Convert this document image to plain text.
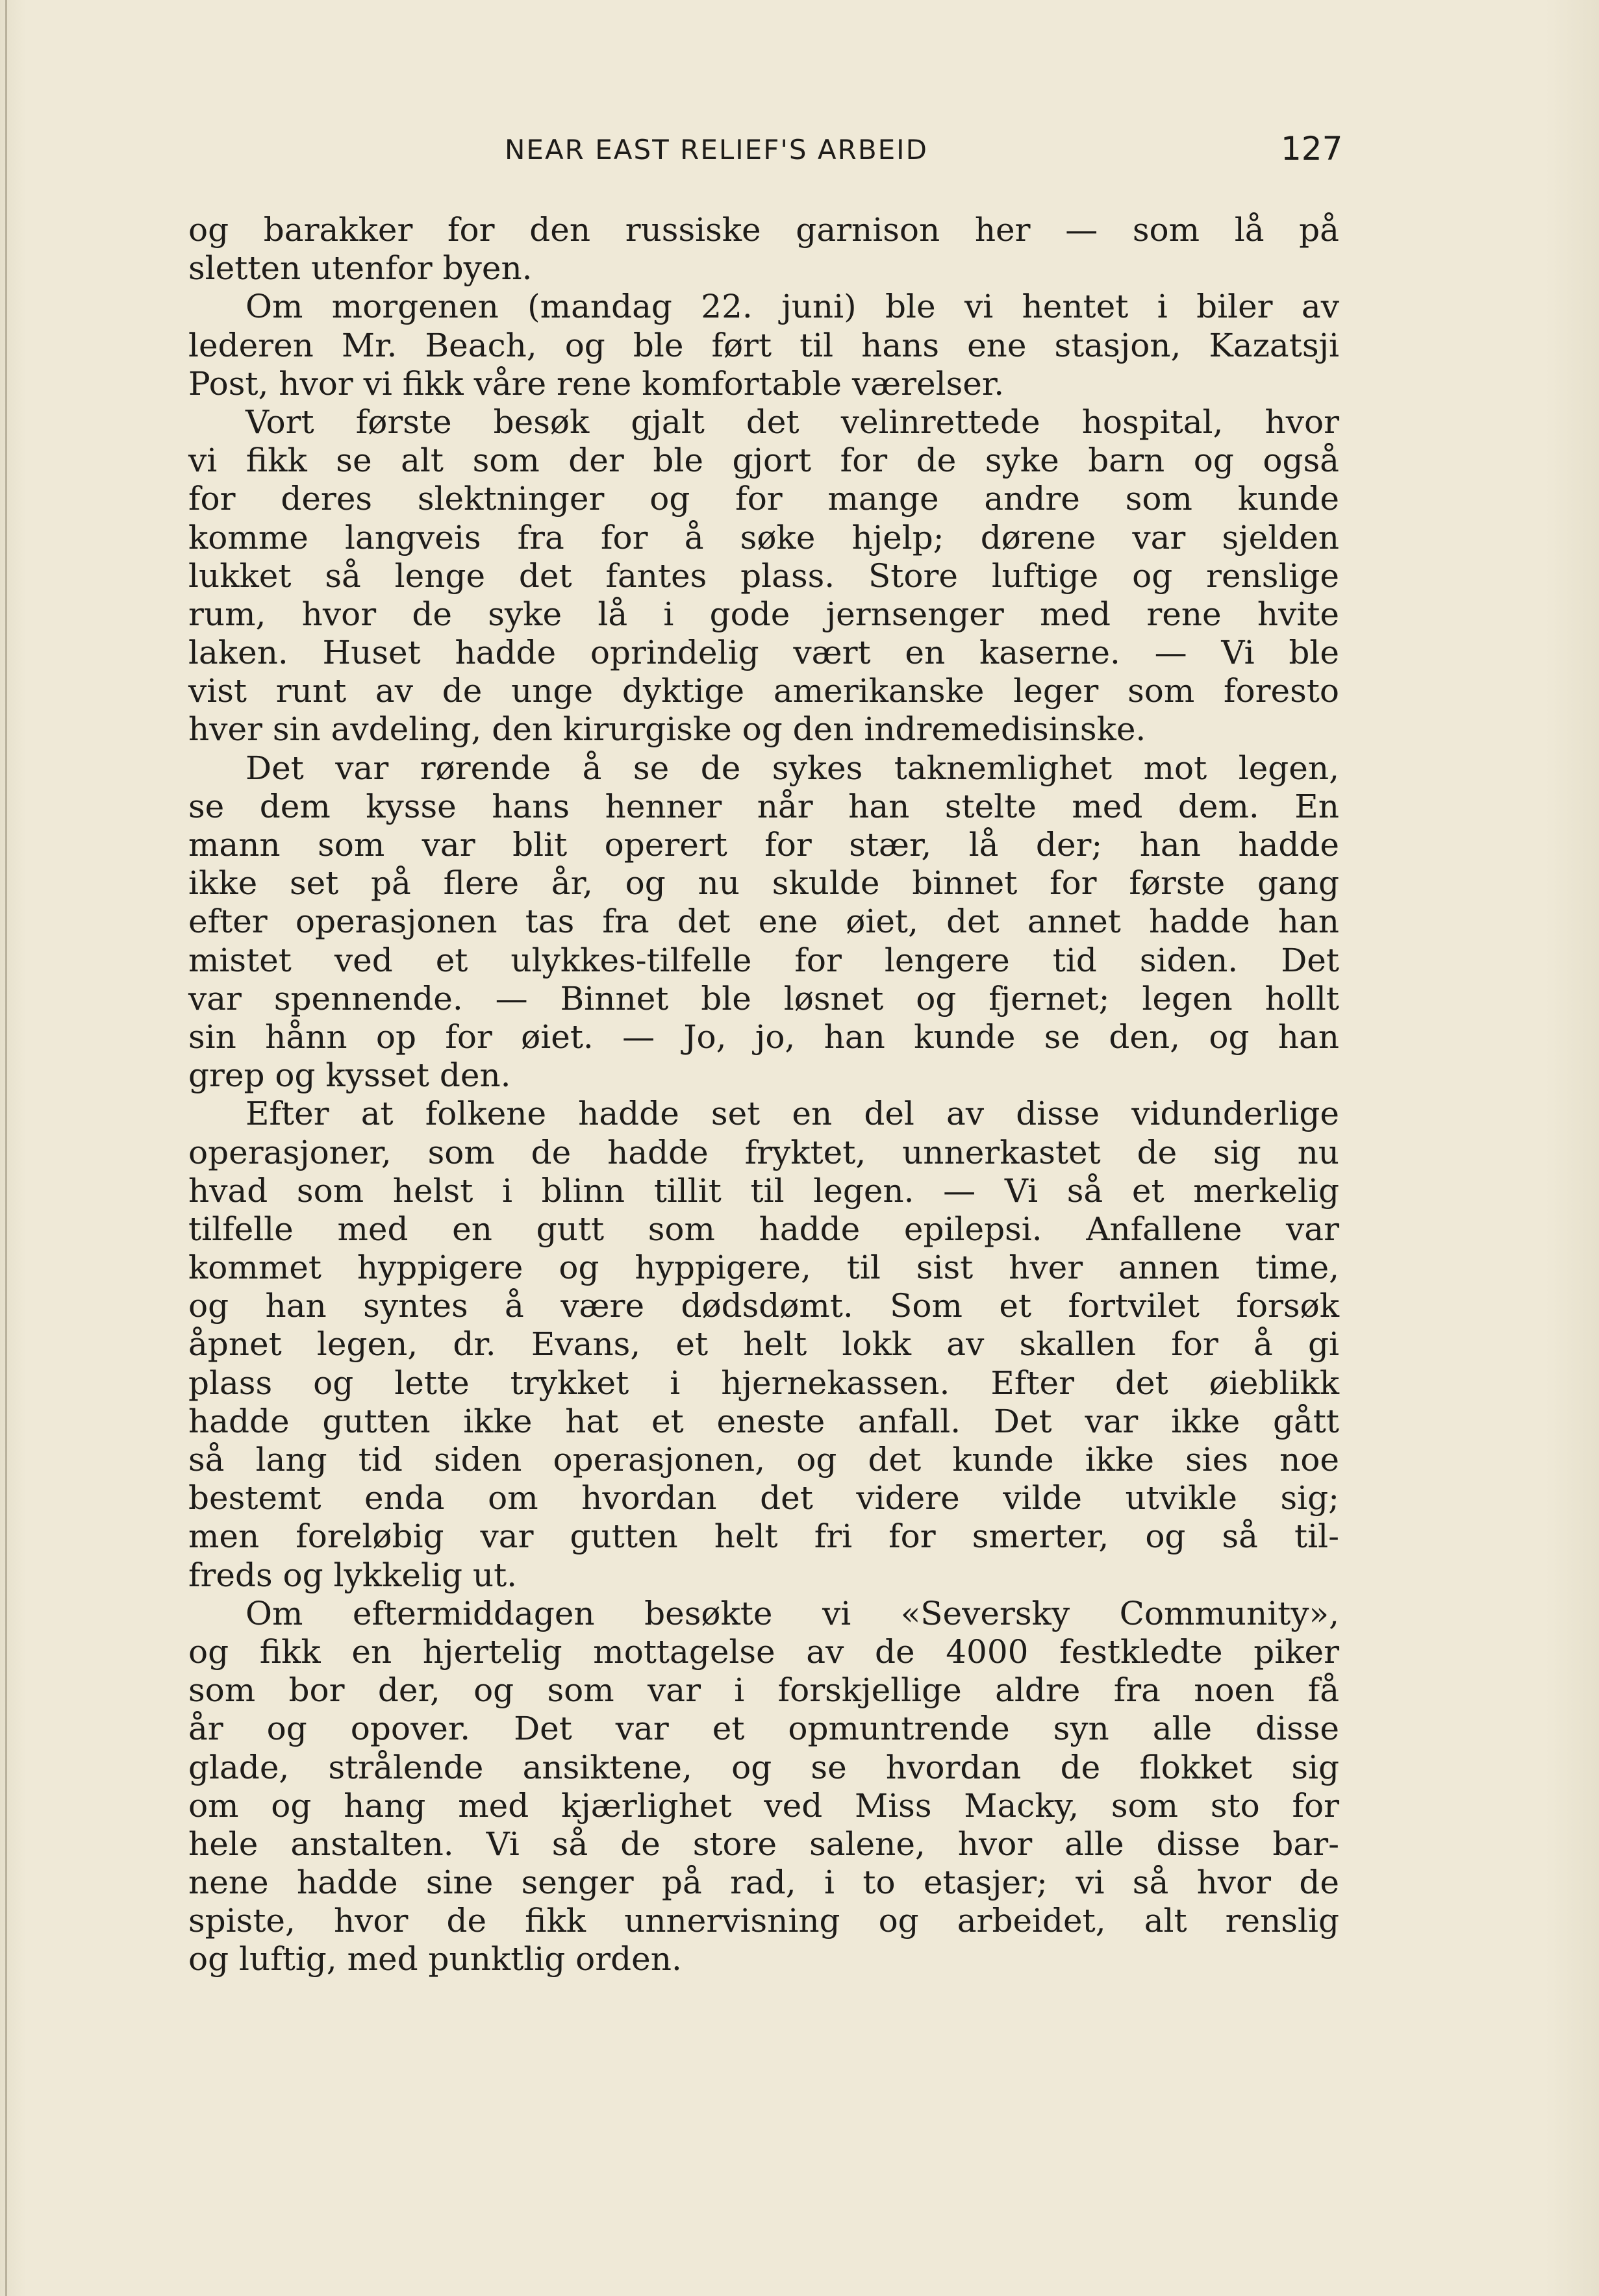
NEAR EAST RELIEF'S ARBEID	127
og barakker for den russiske garnison her — som lå på
sletten utenfor byen.
Om morgenen (mandag 22. juni) ble vi hentet i biler av
lederen Mr. Beach, og ble ført til hans ene stasjon, Kazatsji
Post, hvor vi fikk våre rene komfortable værelser.
Vort første besøk gjalt det velinrettede hospital, hvor
vi fikk se alt som der ble gjort for de syke barn og også
for deres slektninger og for mange andre som kunde
komme langveis fra for å søke hjelp; dørene var sjelden
lukket så lenge det fantes plass. Store luftige og renslige
rum, hvor de syke lå i gode jernsenger med rene hvite
laken. Huset hadde oprindelig vært en kaserne. — Vi ble
vist runt av de unge dyktige amerikanske leger som foresto
hver sin avdeling, den kirurgiske og den indremedisinske.
Det var rørende å se de sykes taknemlighet mot legen,
se dem kysse hans henner når han stelte med dem. En
mann som var blit operert for stær, lå der; han hadde
ikke set på flere år, og nu skulde binnet for første gang
efter operasjonen tas fra det ene øiet, det annet hadde han
mistet ved et ulykkes-tilfelle for lengere tid siden. Det
var spennende. — Binnet ble løsnet og fjernet; legen hollt
sin hånn op for øiet. — Jo, jo, han kunde se den, og han
grep og kysset den.
Efter at folkene hadde set en del av disse vidunderlige
operasjoner, som de hadde fryktet, unnerkastet de sig nu
hvad som helst i blinn tillit til legen. — Vi så et merkelig
tilfelle med en gutt som hadde epilepsi. Anfallene var
kommet hyppigere og hyppigere, til sist hver annen time,
og han syntes å være dødsdømt. Som et fortvilet forsøk
åpnet legen, dr. Evans, et helt lokk av skallen for å gi
plass og lette trykket i hjernekassen. Efter det øieblikk
hadde gutten ikke hat et eneste anfall. Det var ikke gått
så lang tid siden operasjonen, og det kunde ikke sies noe
bestemt enda om hvordan det videre vilde utvikle sig;
men foreløbig var gutten helt fri for smerter, og så til-
freds og lykkelig ut.
Om eftermiddagen besøkte vi «Seversky Community»,
og fikk en hjertelig mottagelse av de 4000 festkledte piker
som bor der, og som var i forskjellige aldre fra noen få
år og opover. Det var et opmuntrende syn alle disse
glade, strålende ansiktene, og se hvordan de flokket sig
om og hang med kjærlighet ved Miss Macky, som sto for
hele anstalten. Vi så de store salene, hvor alle disse bar-
nene hadde sine senger på rad, i to etasjer; vi så hvor de
spiste, hvor de fikk unnervisning og arbeidet, alt renslig
og luftig, med punktlig orden.
